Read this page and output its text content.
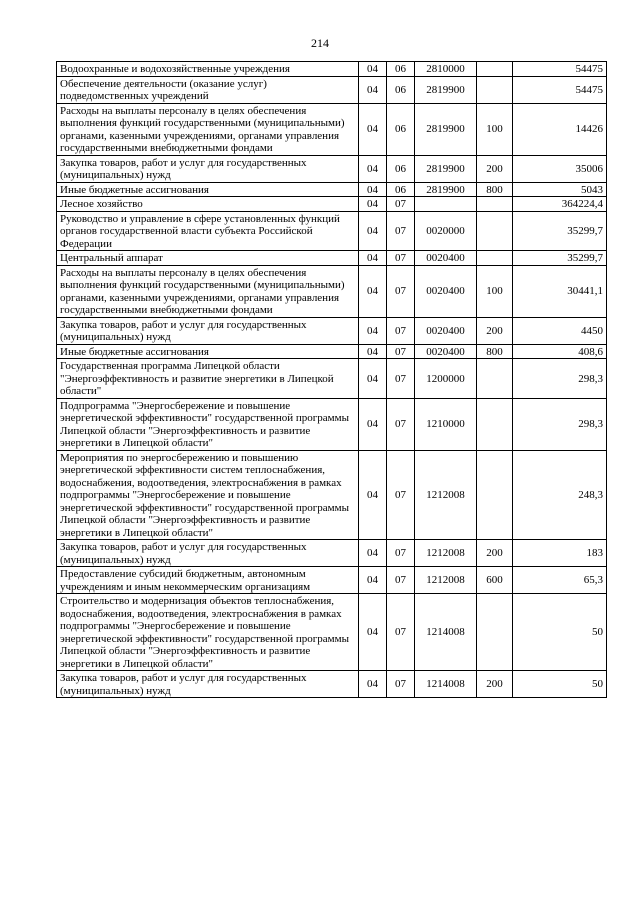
214
Водоохранные и водохозяйственные учреждения	04	06	2810000		54475
Обеспечение деятельности (оказание услуг) подведомственных учреждений	04	06	2819900		54475
Расходы на выплаты персоналу в целях обеспечения выполнения функций государственными (муниципальными) органами, казенными учреждениями, органами управления государственными внебюджетными фондами	04	06	2819900	100	14426
Закупка товаров, работ и услуг для государственных (муниципальных) нужд	04	06	2819900	200	35006
Иные бюджетные ассигнования	04	06	2819900	800	5043
Лесное хозяйство	04	07			364224,4
Руководство и управление в сфере установленных функций органов государственной власти субъекта Российской Федерации	04	07	0020000		35299,7
Центральный аппарат	04	07	0020400		35299,7
Расходы на выплаты персоналу в целях обеспечения выполнения функций государственными (муниципальными) органами, казенными учреждениями, органами управления государственными внебюджетными фондами	04	07	0020400	100	30441,1
Закупка товаров, работ и услуг для государственных (муниципальных) нужд	04	07	0020400	200	4450
Иные бюджетные ассигнования	04	07	0020400	800	408,6
Государственная программа Липецкой области "Энергоэффективность и развитие энергетики в Липецкой области"	04	07	1200000		298,3
Подпрограмма "Энергосбережение и повышение энергетической эффективности" государственной программы Липецкой области "Энергоэффективность и развитие энергетики в Липецкой области"	04	07	1210000		298,3
Мероприятия по энергосбережению и повышению энергетической эффективности систем теплоснабжения, водоснабжения, водоотведения, электроснабжения в рамках подпрограммы "Энергосбережение и повышение энергетической эффективности" государственной программы Липецкой области "Энергоэффективность и развитие энергетики в Липецкой области"	04	07	1212008		248,3
Закупка товаров, работ и услуг для государственных (муниципальных) нужд	04	07	1212008	200	183
Предоставление субсидий бюджетным, автономным учреждениям и иным некоммерческим организациям	04	07	1212008	600	65,3
Строительство и модернизация объектов теплоснабжения, водоснабжения, водоотведения, электроснабжения в рамках подпрограммы "Энергосбережение и повышение энергетической эффективности" государственной программы Липецкой области "Энергоэффективность и развитие энергетики в Липецкой области"	04	07	1214008		50
Закупка товаров, работ и услуг для государственных (муниципальных) нужд	04	07	1214008	200	50
